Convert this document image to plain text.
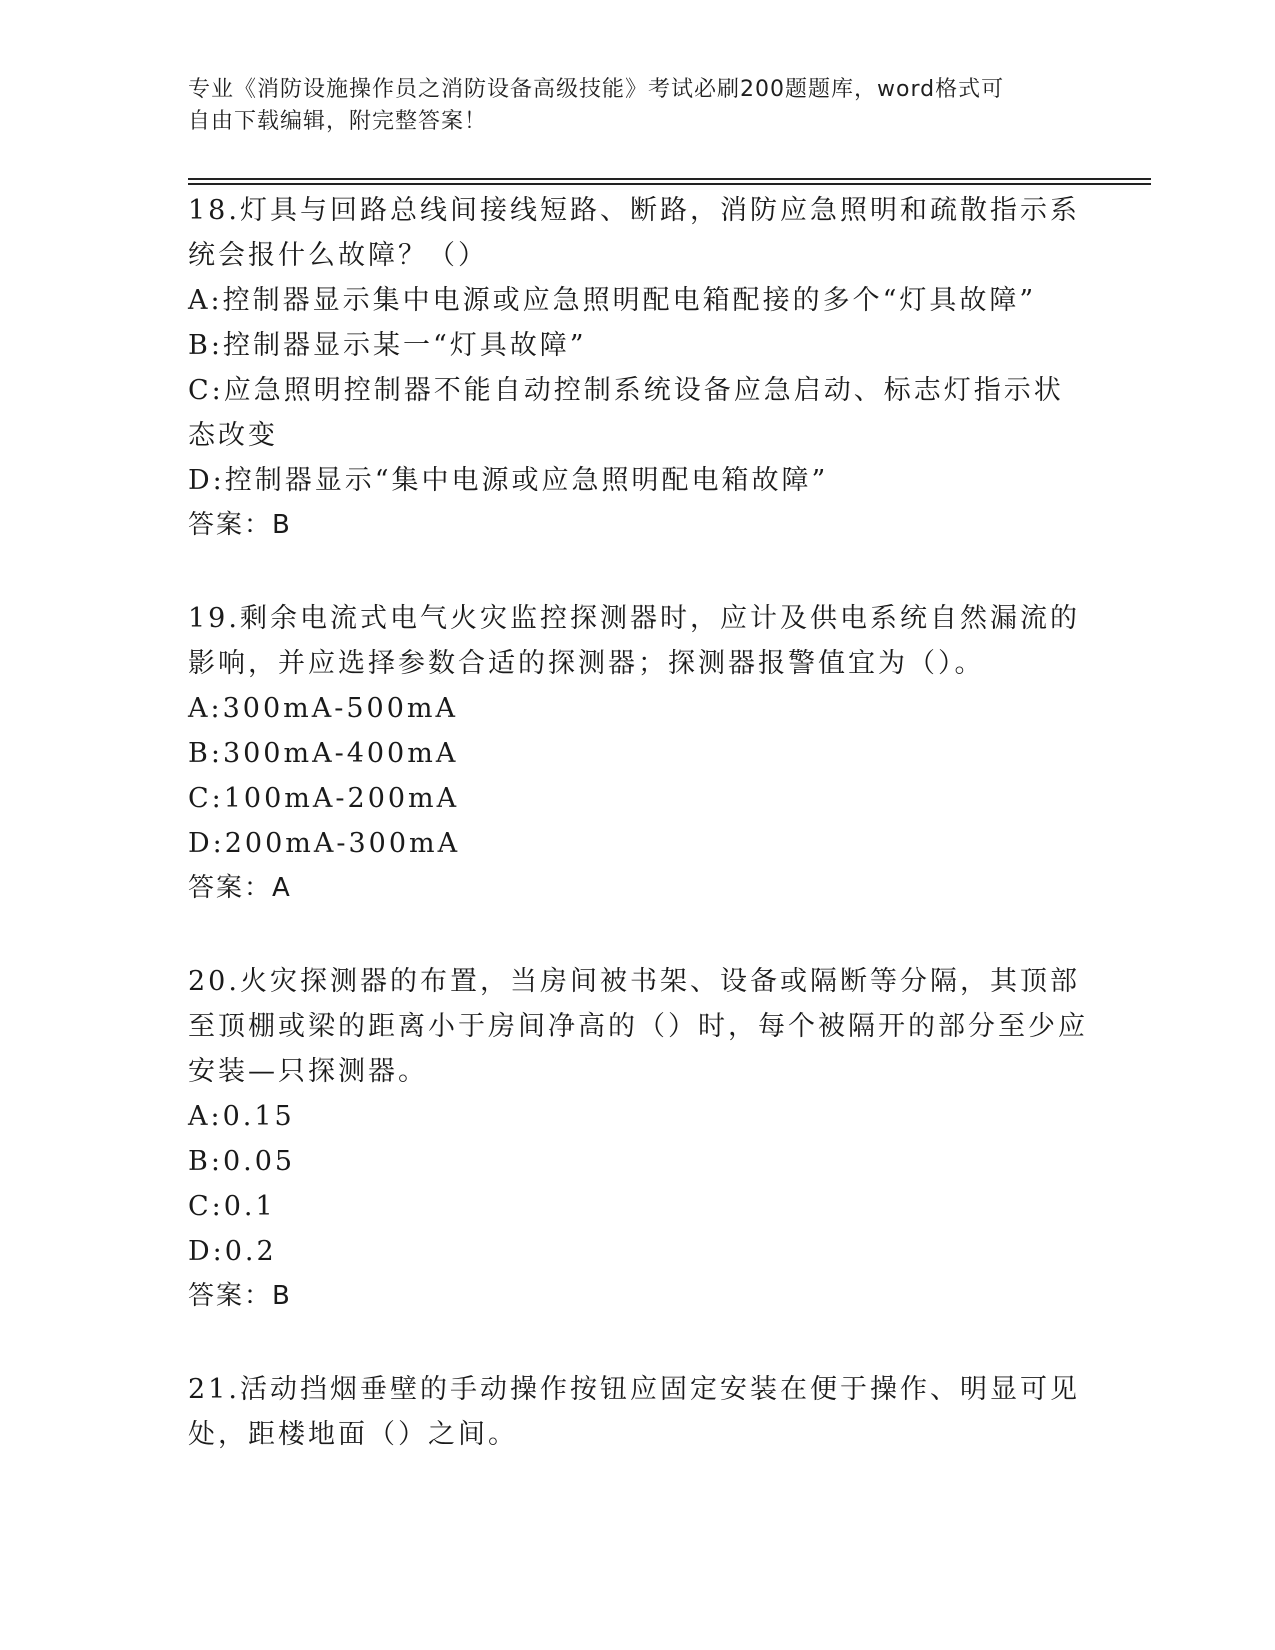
专业《消防设施操作员之消防设备高级技能》考试必刷200题题库，word格式可
自由下载编辑，附完整答案！

18.灯具与回路总线间接线短路、断路，消防应急照明和疏散指示系统会报什么故障？（）

A:控制器显示集中电源或应急照明配电箱配接的多个“灯具故障”

B:控制器显示某一“灯具故障”

C:应急照明控制器不能自动控制系统设备应急启动、标志灯指示状态改变

D:控制器显示“集中电源或应急照明配电箱故障”

答案：B

19.剩余电流式电气火灾监控探测器时，应计及供电系统自然漏流的影响，并应选择参数合适的探测器；探测器报警值宜为（）。

A:300mA-500mA

B:300mA-400mA

C:100mA-200mA

D:200mA-300mA

答案：A

20.火灾探测器的布置，当房间被书架、设备或隔断等分隔，其顶部至顶棚或梁的距离小于房间净高的（）时，每个被隔开的部分至少应安装—只探测器。

A:0.15

B:0.05

C:0.1

D:0.2

答案：B

21.活动挡烟垂壁的手动操作按钮应固定安装在便于操作、明显可见处，距楼地面（）之间。
